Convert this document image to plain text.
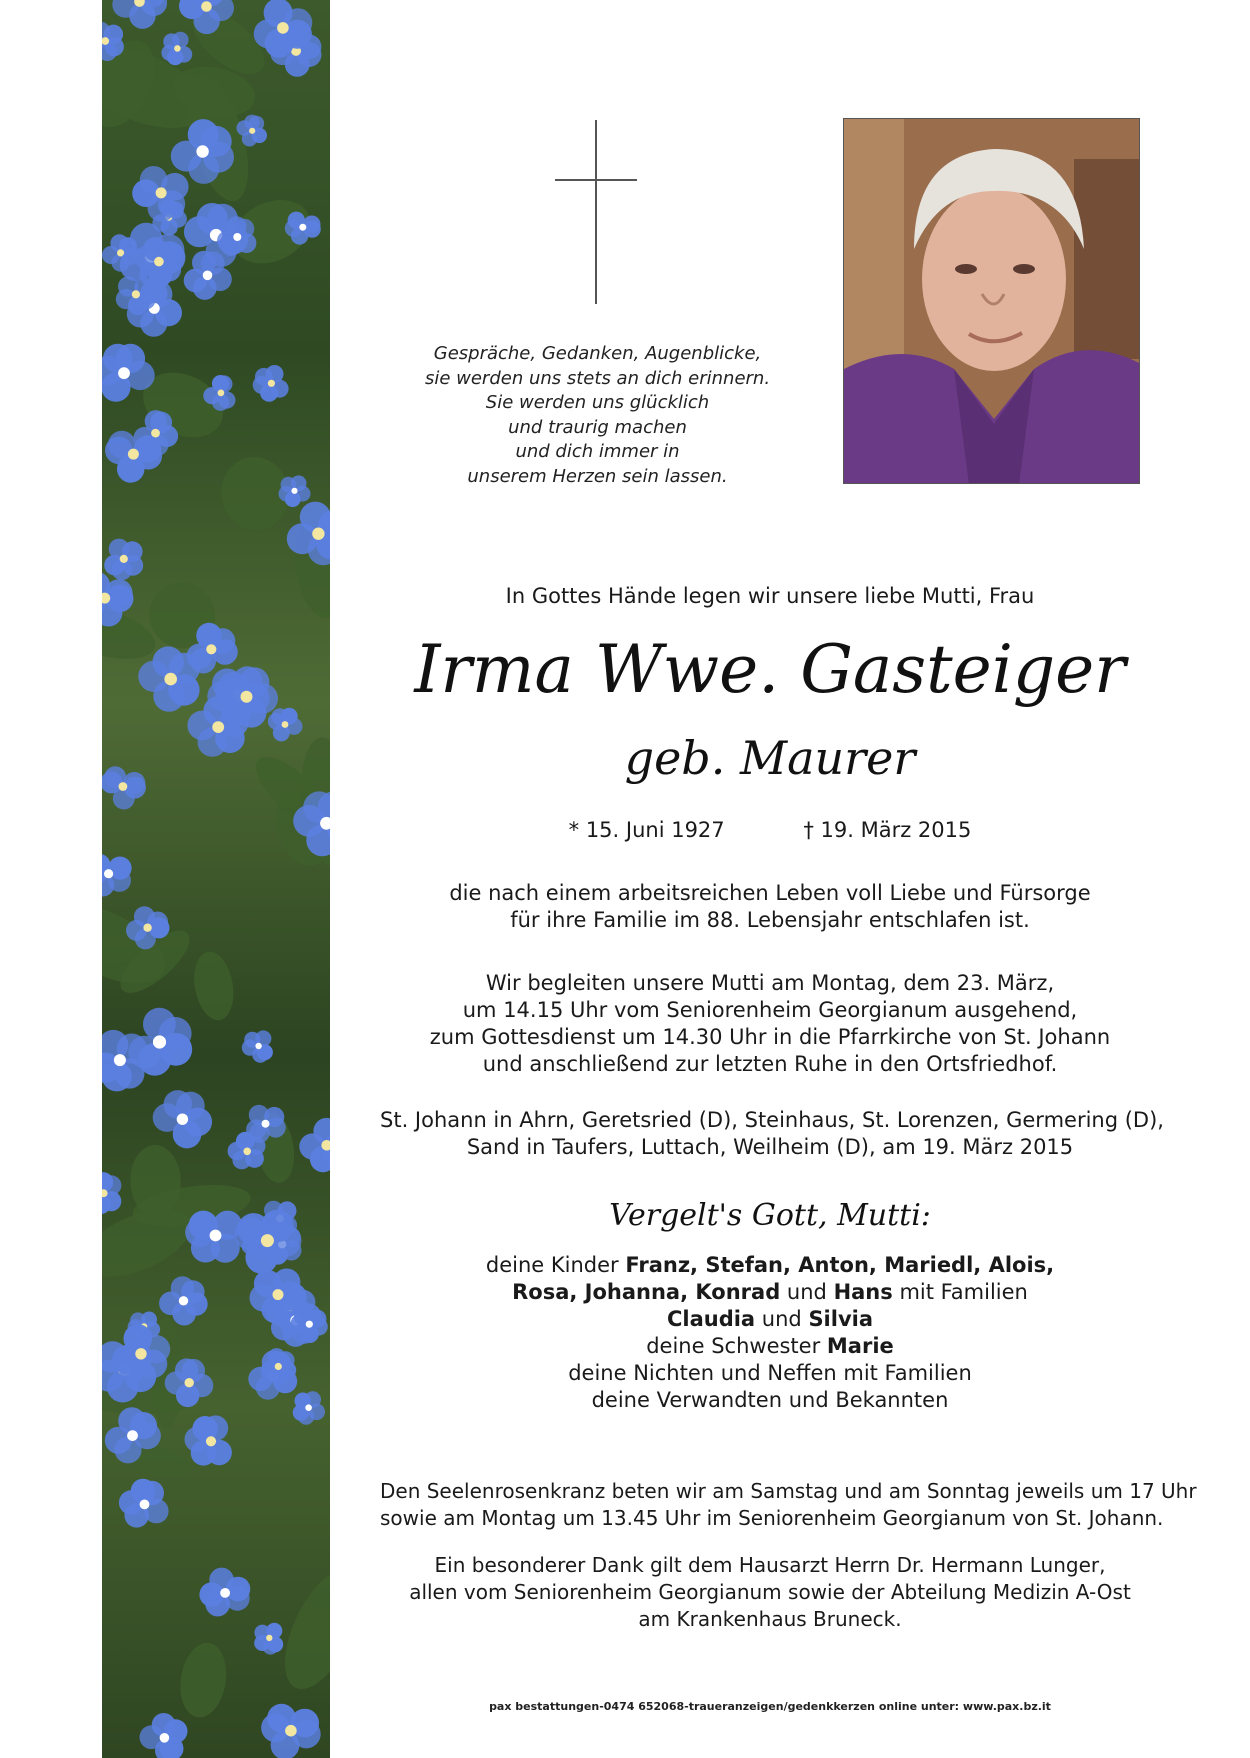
Gespräche, Gedanken, Augenblicke,
sie werden uns stets an dich erinnern.
Sie werden uns glücklich
und traurig machen
und dich immer in
unserem Herzen sein lassen.
In Gottes Hände legen wir unsere liebe Mutti, Frau
Irma Wwe. Gasteiger
geb. Maurer
* 15. Juni 1927	† 19. März 2015
die nach einem arbeitsreichen Leben voll Liebe und Fürsorge
für ihre Familie im 88. Lebensjahr entschlafen ist.
Wir begleiten unsere Mutti am Montag, dem 23. März,
um 14.15 Uhr vom Seniorenheim Georgianum ausgehend,
zum Gottesdienst um 14.30 Uhr in die Pfarrkirche von St. Johann
und anschließend zur letzten Ruhe in den Ortsfriedhof.
St. Johann in Ahrn, Geretsried (D), Steinhaus, St. Lorenzen, Germering (D),
Sand in Taufers, Luttach, Weilheim (D), am 19. März 2015
Vergelt's Gott, Mutti:
deine Kinder Franz, Stefan, Anton, Mariedl, Alois,
Rosa, Johanna, Konrad und Hans mit Familien
Claudia und Silvia
deine Schwester Marie
deine Nichten und Neffen mit Familien
deine Verwandten und Bekannten
Den Seelenrosenkranz beten wir am Samstag und am Sonntag jeweils um 17 Uhr
sowie am Montag um 13.45 Uhr im Seniorenheim Georgianum von St. Johann.
Ein besonderer Dank gilt dem Hausarzt Herrn Dr. Hermann Lunger,
allen vom Seniorenheim Georgianum sowie der Abteilung Medizin A-Ost
am Krankenhaus Bruneck.
pax bestattungen-0474 652068-traueranzeigen/gedenkkerzen online unter: www.pax.bz.it
